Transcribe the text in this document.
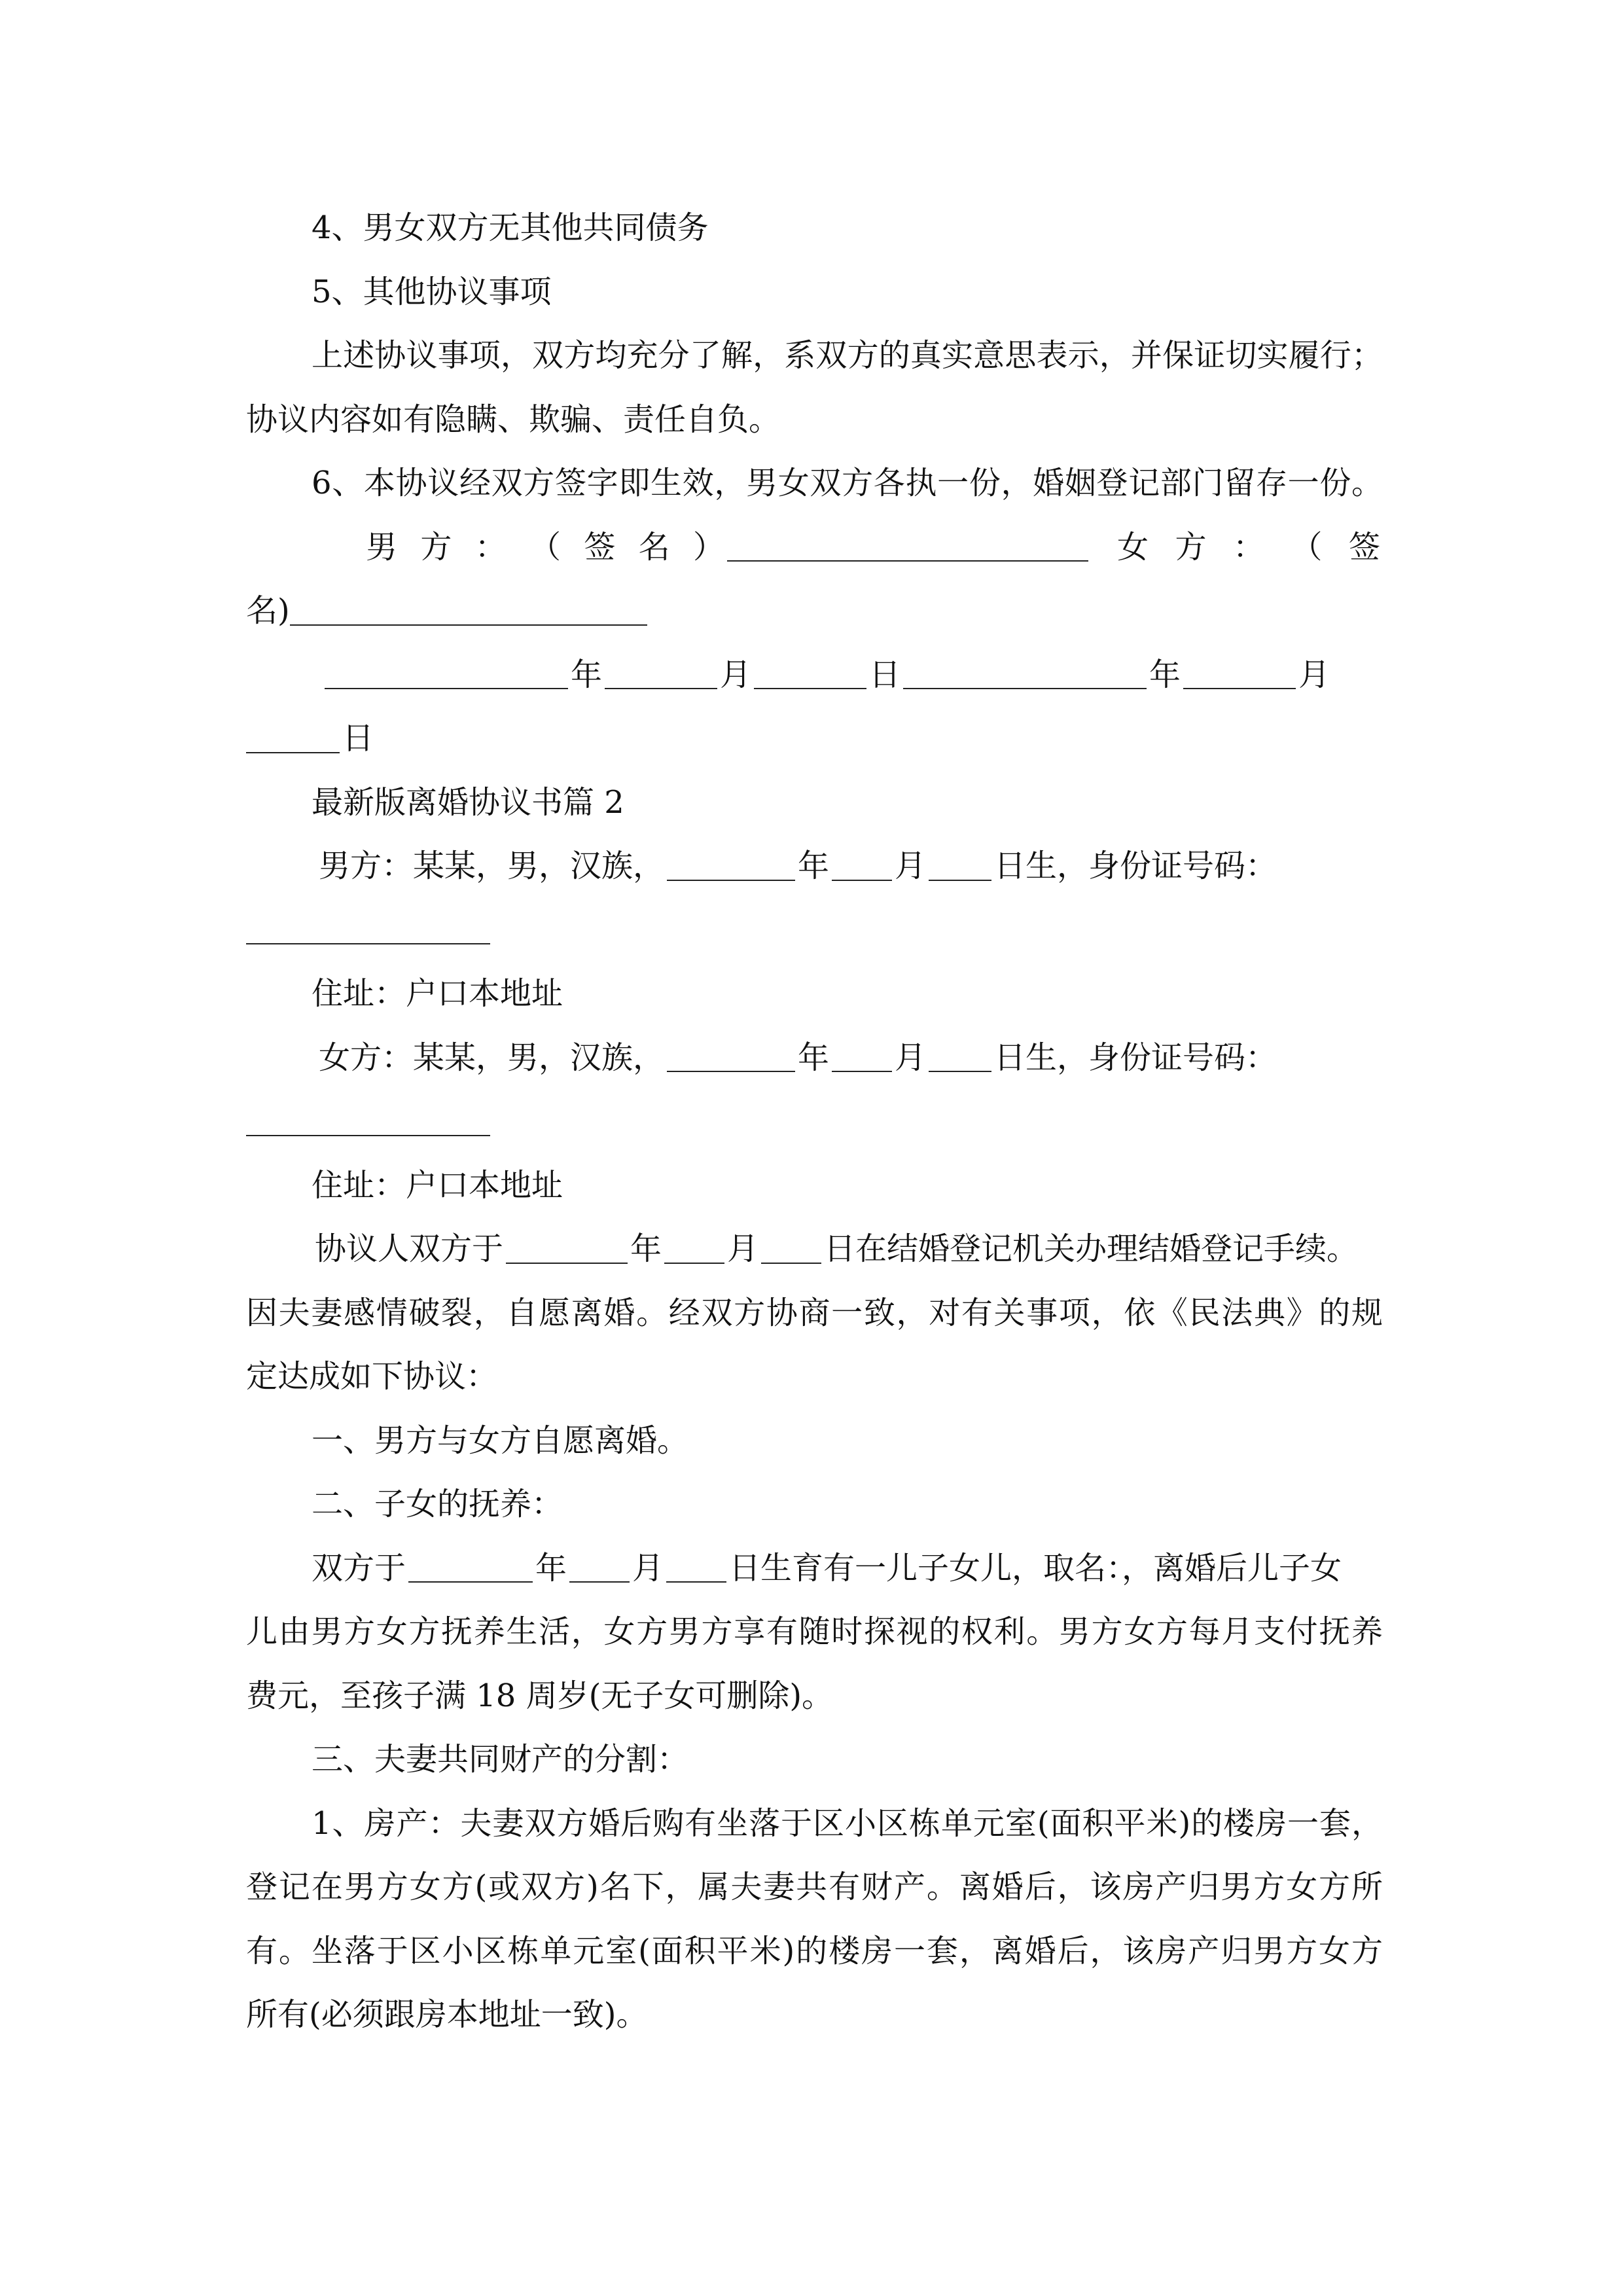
4、男女双方无其他共同债务
5、其他协议事项
上述协议事项，双方均充分了解，系双方的真实意思表示，并保证切实履行；
协议内容如有隐瞒、欺骗、责任自负。
6、本协议经双方签字即生效，男女双方各执一份，婚姻登记部门留存一份。
男 方 ： （ 签 名 ）	女 方 ： （ 签
名)
年	月	日	年	月
日
最新版离婚协议书篇 2
男方：某某，男，汉族，	年 月 日生，身份证号码：
住址：户口本地址
女方：某某，男，汉族，	年 月 日生，身份证号码：
住址：户口本地址
协议人双方于	年 月 日在结婚登记机关办理结婚登记手续。
因夫妻感情破裂，自愿离婚。经双方协商一致，对有关事项，依《民法典》的规
定达成如下协议：
一、男方与女方自愿离婚。
二、子女的抚养：
双方于	年 月 日生育有一儿子女儿，取名：，离婚后儿子女
儿由男方女方抚养生活，女方男方享有随时探视的权利。男方女方每月支付抚养
费元，至孩子满 18 周岁(无子女可删除)。
三、夫妻共同财产的分割：
1、房产：夫妻双方婚后购有坐落于区小区栋单元室(面积平米)的楼房一套，
登记在男方女方(或双方)名下，属夫妻共有财产。离婚后，该房产归男方女方所
有。坐落于区小区栋单元室(面积平米)的楼房一套，离婚后，该房产归男方女方
所有(必须跟房本地址一致)。
